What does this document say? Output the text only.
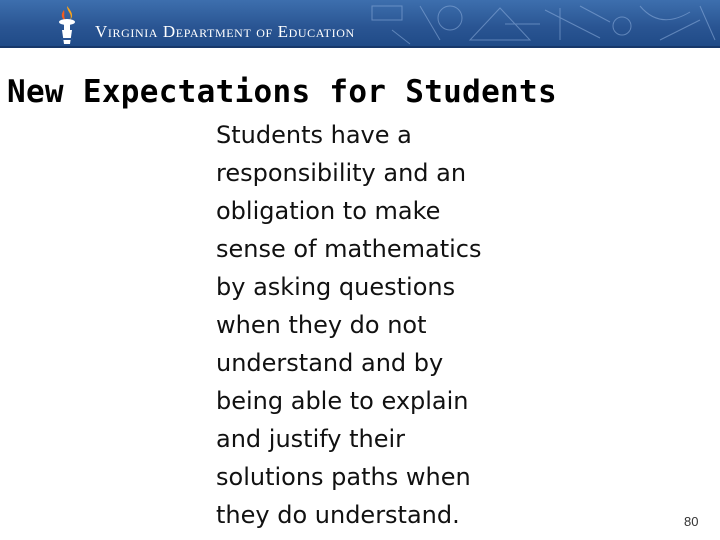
Virginia Department of Education
New Expectations for Students
Students have a
responsibility and an
obligation to make
sense of mathematics
by asking questions
when they do not
understand and by
being able to explain
and justify their
solutions paths when
they do understand.	80
